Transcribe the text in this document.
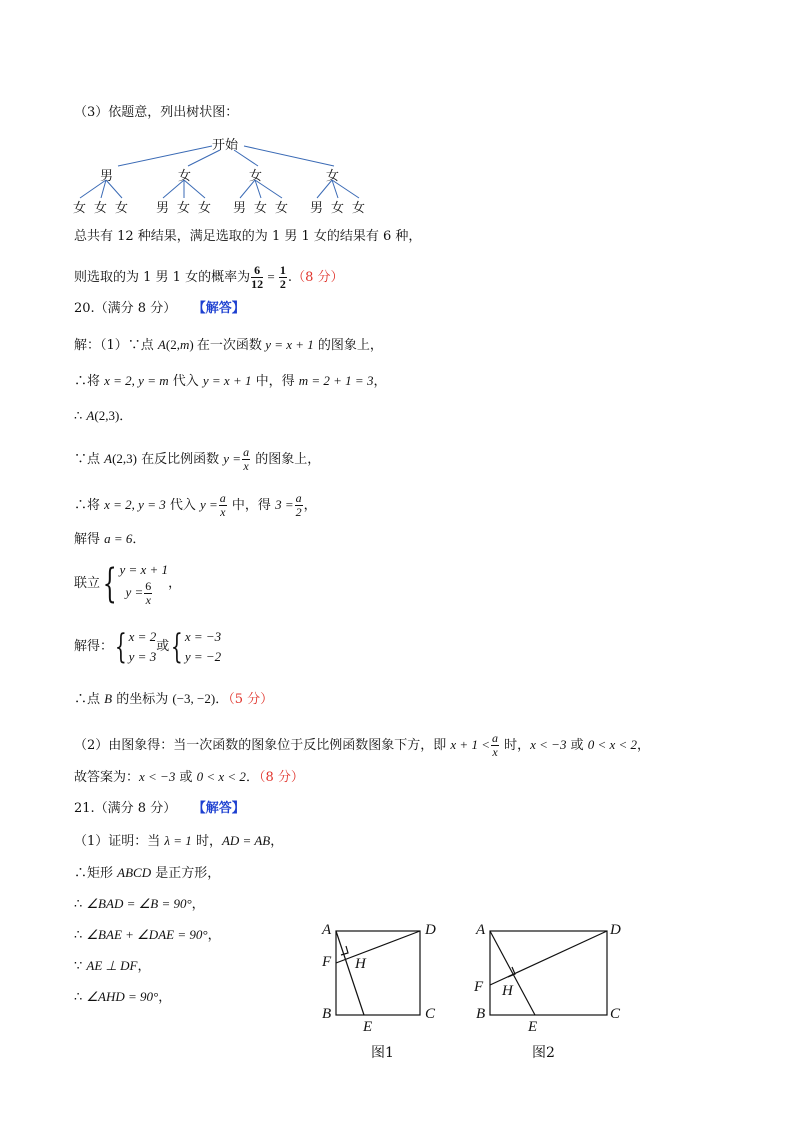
（3）依题意，列出树状图：
开始
男	女	女	女
女 女 女 男 女 女 男 女 女 男 女 女
总共有 12 种结果，满足选取的为 1 男 1 女的结果有 6 种，
则选取的为 1 男 1 女的概率为 $\frac{6}{12} = \frac{1}{2} .(8$ 分）
20.（满分 8 分） 【解答】
解：（1）∵点 A(2,m) 在一次函数 y = x + 1 的图象上，
∴将 x = 2, y = m 代入 y = x + 1 中，得 m = 2 + 1 = 3，
∴ A(2,3)．
∵点 A(2,3) 在反比例函数 $y = \frac{a}{x}$ 的图象上，
∴将 x = 2, y = 3 代入 $y = \frac{a}{x}$ 中，得 $3 = \frac{a}{2}$ ，
解得 a = 6．
联立{ y = x + 1
$y = \frac{6}{x}$ ，
解得：{ x = 2
y = 3
或{ x = −3
y = −2
∴点 B 的坐标为 (−3, −2)．（5 分）
（2）由图象得：当一次函数的图象位于反比例函数图象下方，即 $x + 1 < \frac{a}{x}$ 时，x < −3 或 0 < x < 2，
故答案为：x < −3 或 0 < x < 2．（8 分）
21.（满分 8 分） 【解答】
（1）证明：当 λ = 1 时，AD = AB，
∴矩形 ABCD 是正方形，
∴ ∠BAD = ∠B = 90°，
∴ ∠BAE + ∠DAE = 90°，
∵ AE ⊥ DF，
∴ ∠AHD = 90°，
A	D
F H
B
E
C
图1
A	D
F H
B
E
C
图2
